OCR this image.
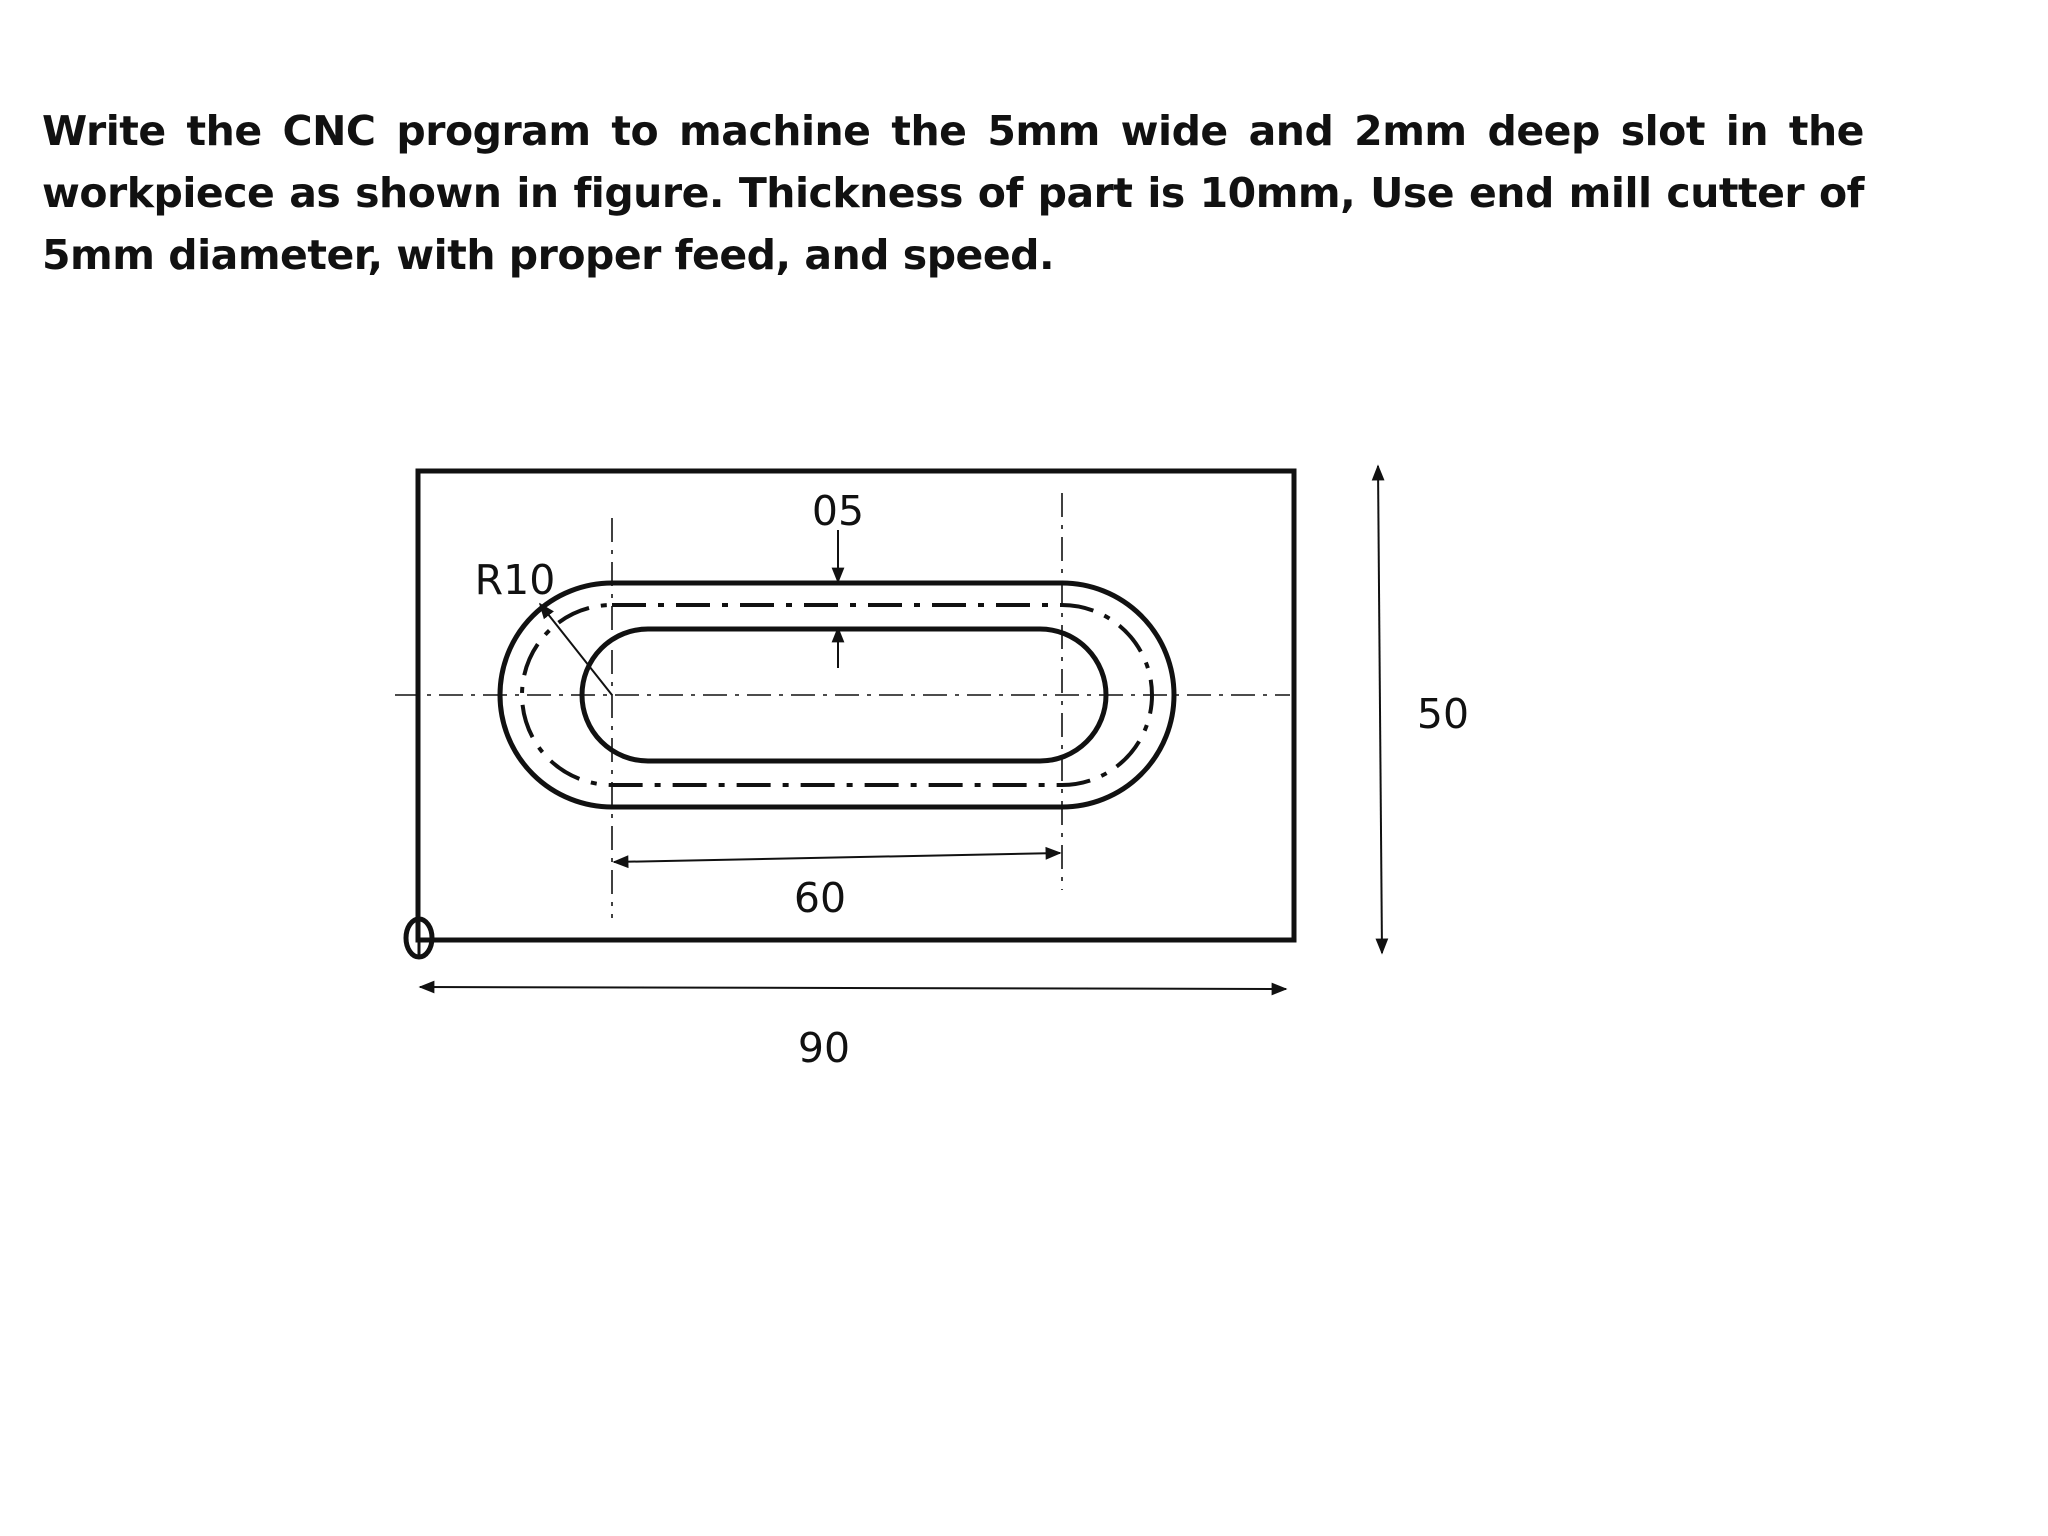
Write the CNC program to machine the 5mm wide and 2mm deep slot in the
workpiece as shown in figure. Thickness of part is 10mm, Use end mill cutter of
5mm diameter, with proper feed, and speed.
05
R10
60
50
90
